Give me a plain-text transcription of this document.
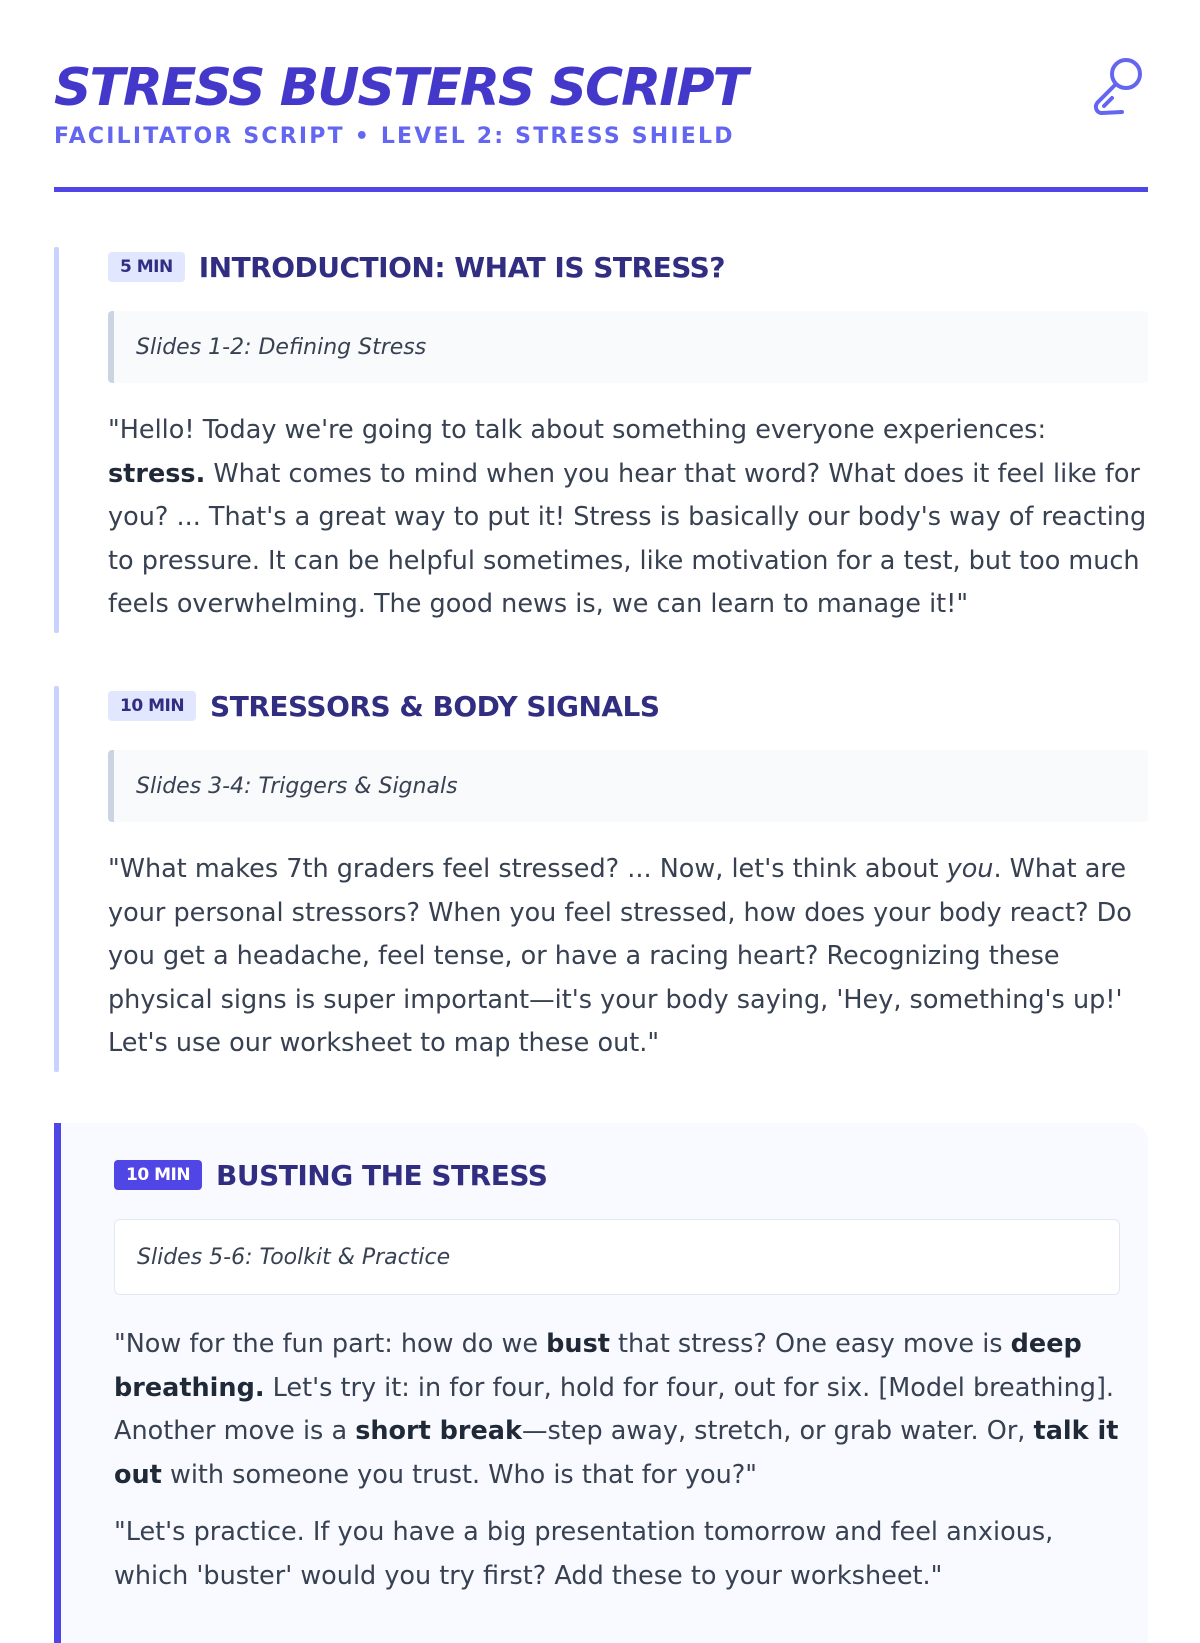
STRESS BUSTERS SCRIPT
FACILITATOR SCRIPT • LEVEL 2: STRESS SHIELD
5 MIN INTRODUCTION: WHAT IS STRESS?
Slides 1-2: Defining Stress

"Hello! Today we're going to talk about something everyone experiences: stress. What comes to mind when you hear that word? What does it feel like for you? ... That's a great way to put it! Stress is basically our body's way of reacting to pressure. It can be helpful sometimes, like motivation for a test, but too much feels overwhelming. The good news is, we can learn to manage it!"

10 MIN STRESSORS & BODY SIGNALS
Slides 3-4: Triggers & Signals

"What makes 7th graders feel stressed? ... Now, let's think about you. What are your personal stressors? When you feel stressed, how does your body react? Do you get a headache, feel tense, or have a racing heart? Recognizing these physical signs is super important—it's your body saying, 'Hey, something's up!' Let's use our worksheet to map these out."

10 MIN BUSTING THE STRESS
Slides 5-6: Toolkit & Practice

"Now for the fun part: how do we bust that stress? One easy move is deep breathing. Let's try it: in for four, hold for four, out for six. [Model breathing]. Another move is a short break—step away, stretch, or grab water. Or, talk it out with someone you trust. Who is that for you?"

"Let's practice. If you have a big presentation tomorrow and feel anxious, which 'buster' would you try first? Add these to your worksheet."
